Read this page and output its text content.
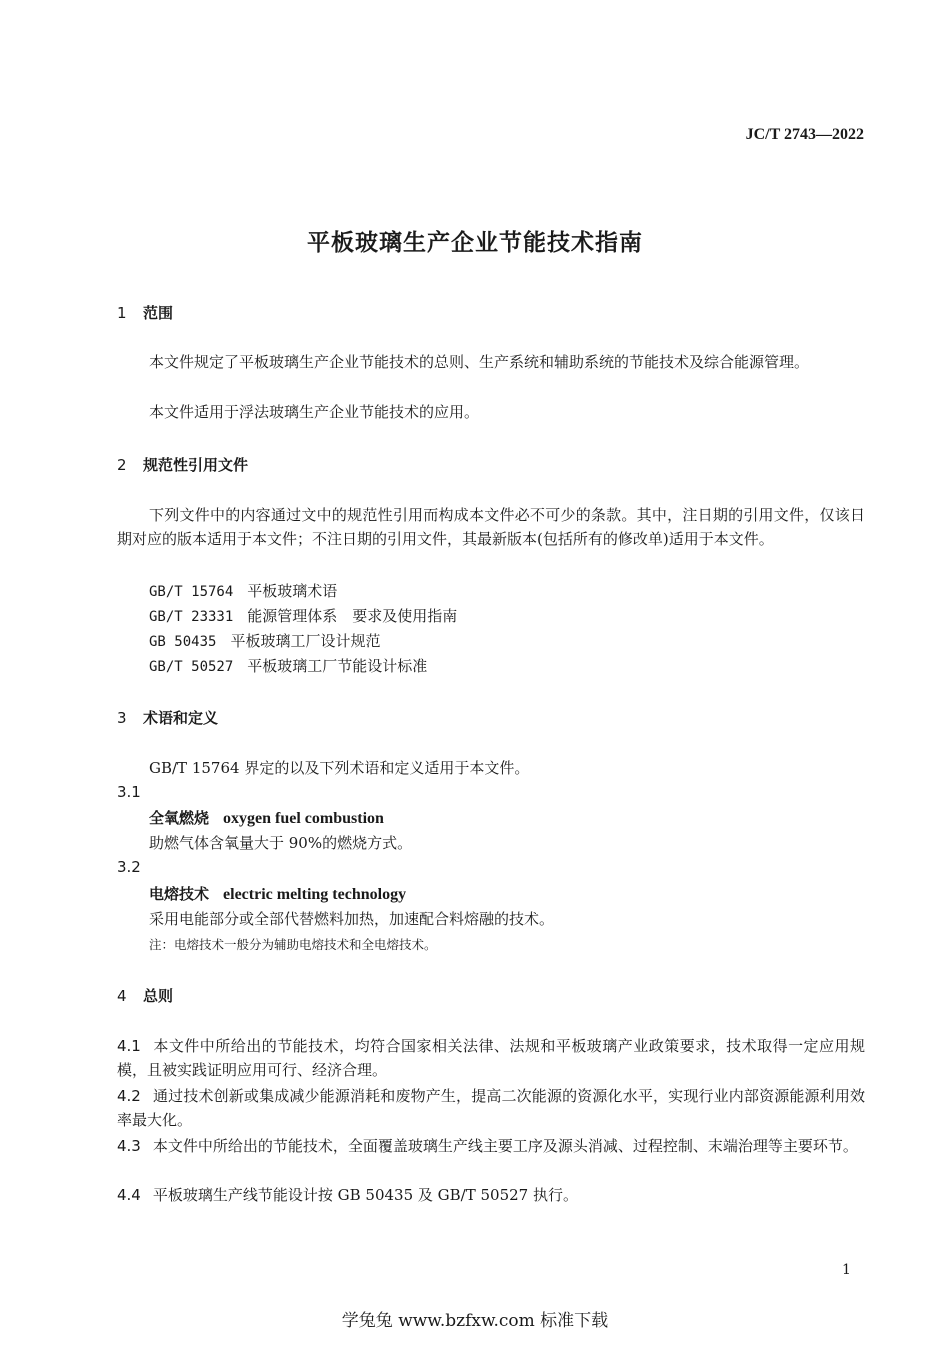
JC/T 2743—2022
平板玻璃生产企业节能技术指南
1 范围
本文件规定了平板玻璃生产企业节能技术的总则、生产系统和辅助系统的节能技术及综合能源管理。
本文件适用于浮法玻璃生产企业节能技术的应用。
2 规范性引用文件
下列文件中的内容通过文中的规范性引用而构成本文件必不可少的条款。其中，注日期的引用文件，仅该日期对应的版本适用于本文件；不注日期的引用文件，其最新版本(包括所有的修改单)适用于本文件。
GB/T 15764 平板玻璃术语
GB/T 23331 能源管理体系　要求及使用指南
GB 50435 平板玻璃工厂设计规范
GB/T 50527 平板玻璃工厂节能设计标准
3 术语和定义
GB/T 15764 界定的以及下列术语和定义适用于本文件。
3.1
全氧燃烧 oxygen fuel combustion
助燃气体含氧量大于 90%的燃烧方式。
3.2
电熔技术 electric melting technology
采用电能部分或全部代替燃料加热，加速配合料熔融的技术。
注：电熔技术一般分为辅助电熔技术和全电熔技术。
4 总则
4.1 本文件中所给出的节能技术，均符合国家相关法律、法规和平板玻璃产业政策要求，技术取得一定应用规模，且被实践证明应用可行、经济合理。
4.2 通过技术创新或集成减少能源消耗和废物产生，提高二次能源的资源化水平，实现行业内部资源能源利用效率最大化。
4.3 本文件中所给出的节能技术，全面覆盖玻璃生产线主要工序及源头消减、过程控制、末端治理等主要环节。
4.4 平板玻璃生产线节能设计按 GB 50435 及 GB/T 50527 执行。
1
学兔兔 www.bzfxw.com 标准下载
